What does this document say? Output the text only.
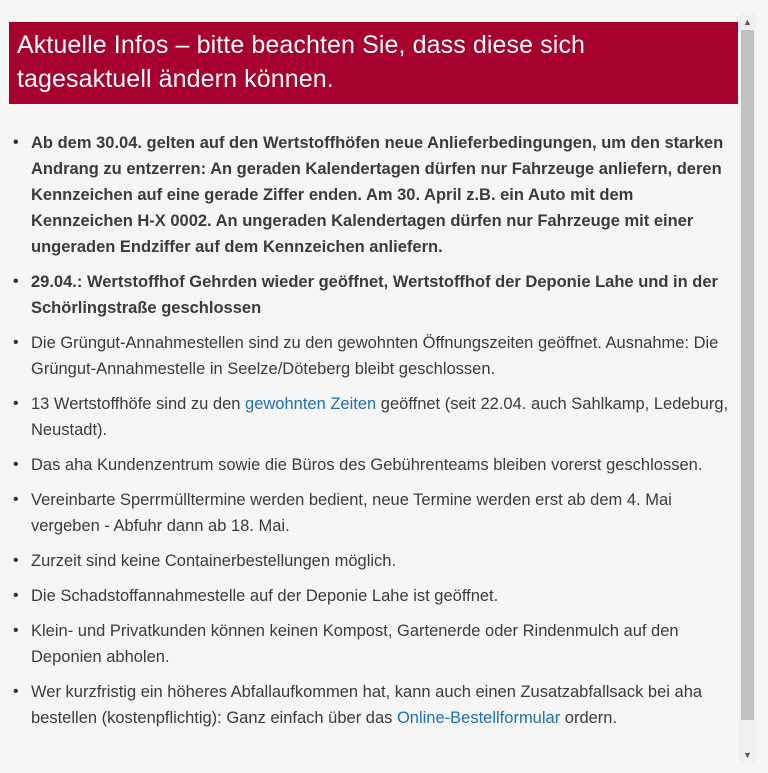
Aktuelle Infos – bitte beachten Sie, dass diese sich
tagesaktuell ändern können.
• Ab dem 30.04. gelten auf den Wertstoffhöfen neue Anlieferbedingungen, um den starken Andrang zu entzerren: An geraden Kalendertagen dürfen nur Fahrzeuge anliefern, deren Kennzeichen auf eine gerade Ziffer enden. Am 30. April z.B. ein Auto mit dem Kennzeichen H-X 0002. An ungeraden Kalendertagen dürfen nur Fahrzeuge mit einer ungeraden Endziffer auf dem Kennzeichen anliefern.
• 29.04.: Wertstoffhof Gehrden wieder geöffnet, Wertstoffhof der Deponie Lahe und in der Schörlingstraße geschlossen
• Die Grüngut-Annahmestellen sind zu den gewohnten Öffnungszeiten geöffnet. Ausnahme: Die Grüngut-Annahmestelle in Seelze/Döteberg bleibt geschlossen.
• 13 Wertstoffhöfe sind zu den gewohnten Zeiten geöffnet (seit 22.04. auch Sahlkamp, Ledeburg, Neustadt).
• Das aha Kundenzentrum sowie die Büros des Gebührenteams bleiben vorerst geschlossen.
• Vereinbarte Sperrmülltermine werden bedient, neue Termine werden erst ab dem 4. Mai vergeben - Abfuhr dann ab 18. Mai.
• Zurzeit sind keine Containerbestellungen möglich.
• Die Schadstoffannahmestelle auf der Deponie Lahe ist geöffnet.
• Klein- und Privatkunden können keinen Kompost, Gartenerde oder Rindenmulch auf den Deponien abholen.
• Wer kurzfristig ein höheres Abfallaufkommen hat, kann auch einen Zusatzabfallsack bei aha bestellen (kostenpflichtig): Ganz einfach über das Online-Bestellformular ordern.
▲
▼
